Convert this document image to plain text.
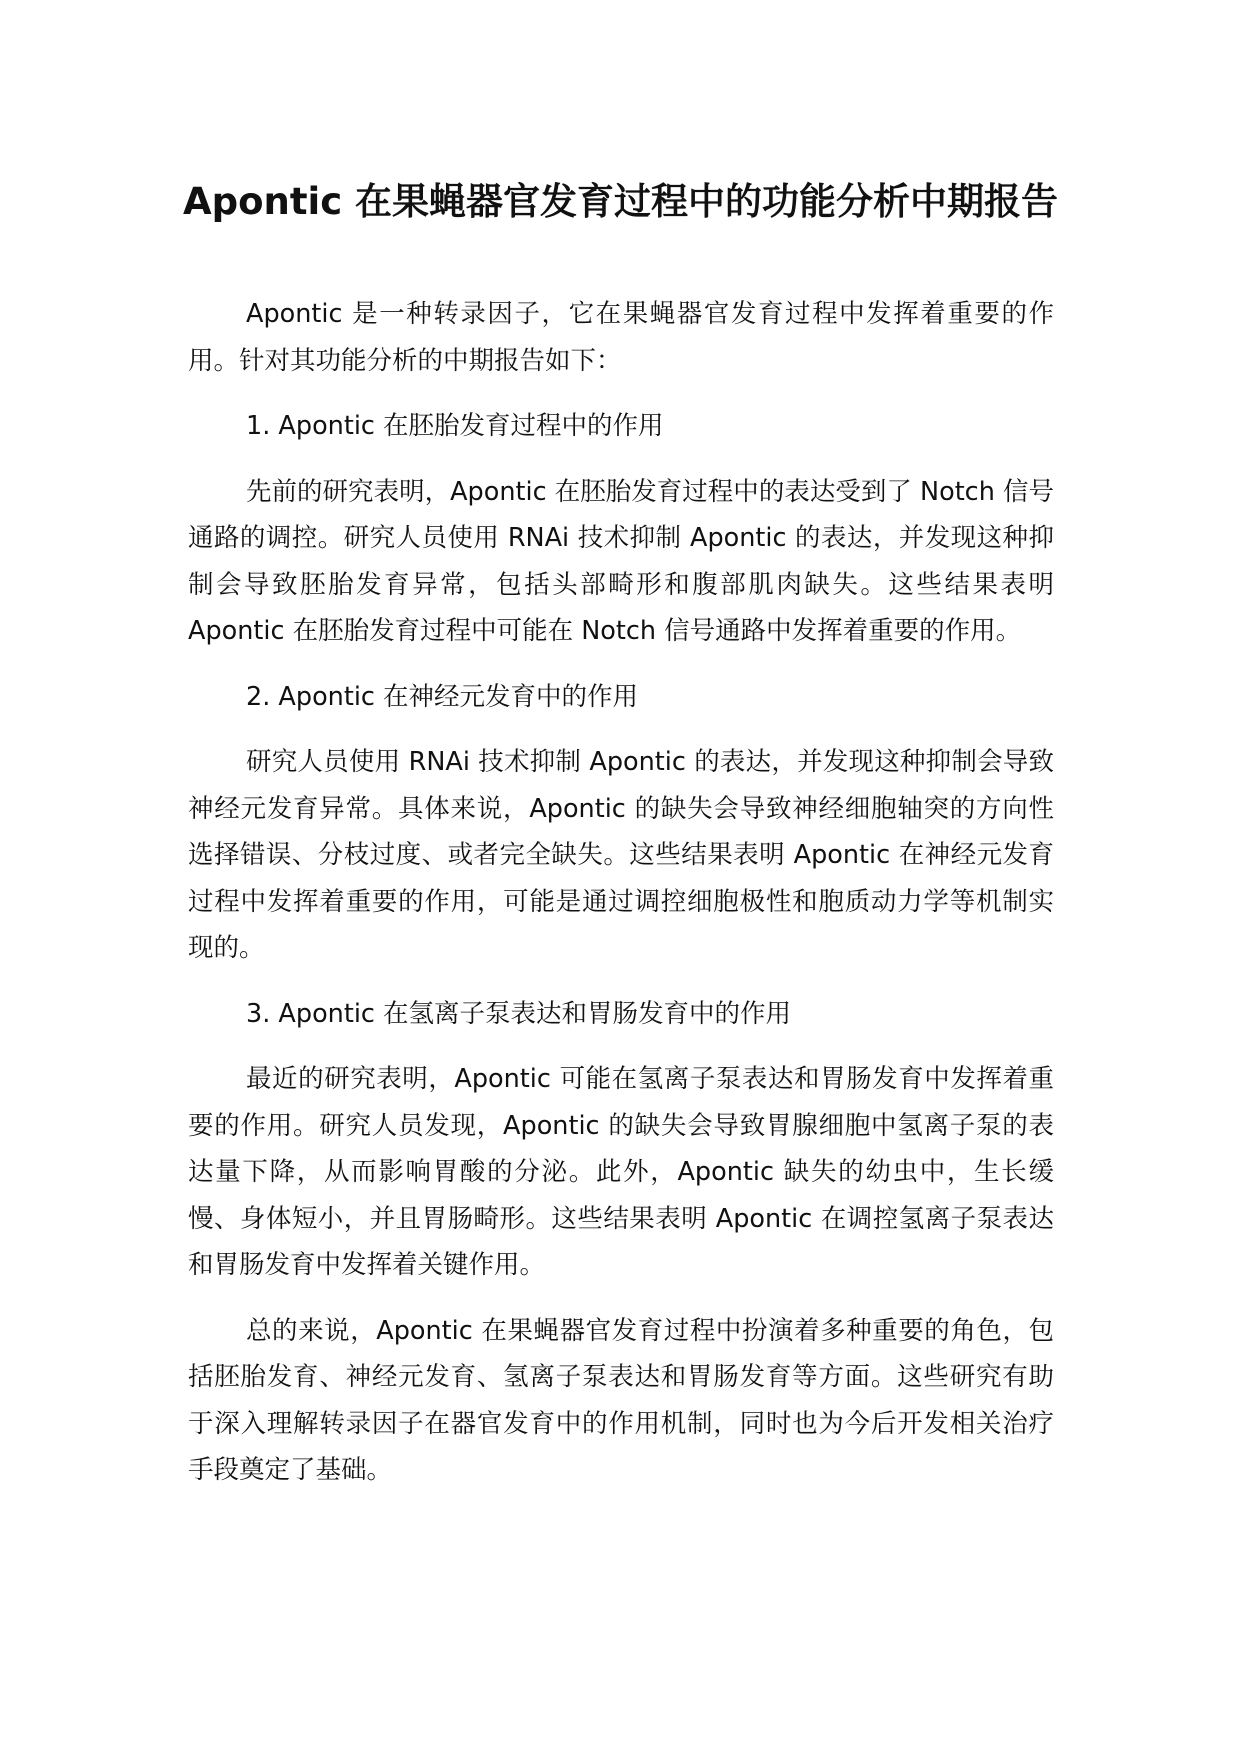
Apontic 在果蝇器官发育过程中的功能分析中期报告

Apontic 是一种转录因子，它在果蝇器官发育过程中发挥着重要的作用。针对其功能分析的中期报告如下：

1. Apontic 在胚胎发育过程中的作用

先前的研究表明，Apontic 在胚胎发育过程中的表达受到了 Notch 信号通路的调控。研究人员使用 RNAi 技术抑制 Apontic 的表达，并发现这种抑制会导致胚胎发育异常，包括头部畸形和腹部肌肉缺失。这些结果表明 Apontic 在胚胎发育过程中可能在 Notch 信号通路中发挥着重要的作用。

2. Apontic 在神经元发育中的作用

研究人员使用 RNAi 技术抑制 Apontic 的表达，并发现这种抑制会导致神经元发育异常。具体来说，Apontic 的缺失会导致神经细胞轴突的方向性选择错误、分枝过度、或者完全缺失。这些结果表明 Apontic 在神经元发育过程中发挥着重要的作用，可能是通过调控细胞极性和胞质动力学等机制实现的。

3. Apontic 在氢离子泵表达和胃肠发育中的作用

最近的研究表明，Apontic 可能在氢离子泵表达和胃肠发育中发挥着重要的作用。研究人员发现，Apontic 的缺失会导致胃腺细胞中氢离子泵的表达量下降，从而影响胃酸的分泌。此外，Apontic 缺失的幼虫中，生长缓慢、身体短小，并且胃肠畸形。这些结果表明 Apontic 在调控氢离子泵表达和胃肠发育中发挥着关键作用。

总的来说，Apontic 在果蝇器官发育过程中扮演着多种重要的角色，包括胚胎发育、神经元发育、氢离子泵表达和胃肠发育等方面。这些研究有助于深入理解转录因子在器官发育中的作用机制，同时也为今后开发相关治疗手段奠定了基础。
